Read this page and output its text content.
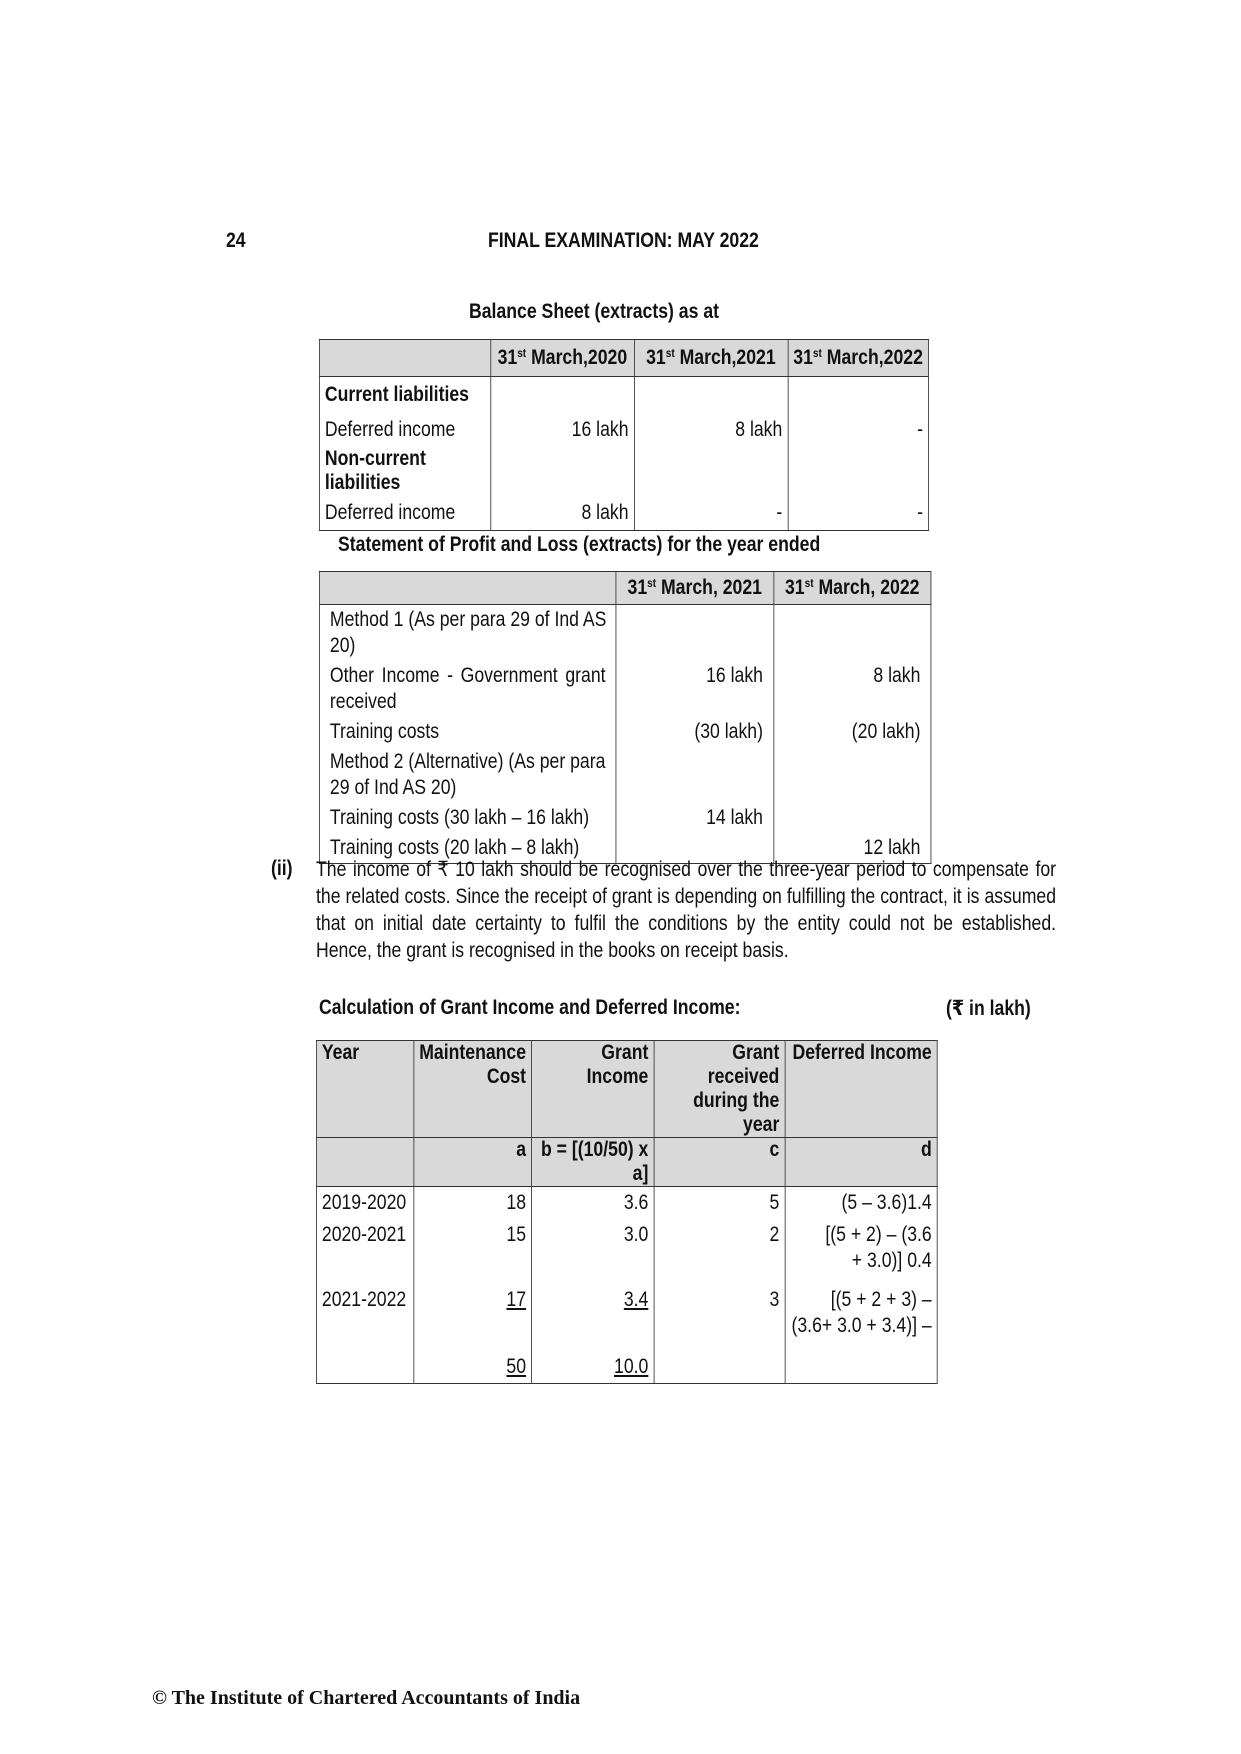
24	FINAL EXAMINATION: MAY 2022
Balance Sheet (extracts) as at
	31st March,2020	31st March,2021	31st March,2022
Current liabilities			
Deferred income	16 lakh	8 lakh	-
Non-current liabilities			
Deferred income	8 lakh	-	-
Statement of Profit and Loss (extracts) for the year ended
	31st March, 2021	31st March, 2022
Method 1 (As per para 29 of Ind AS 20)		
Other Income - Government grant received	16 lakh	8 lakh
Training costs	(30 lakh)	(20 lakh)
Method 2 (Alternative) (As per para 29 of Ind AS 20)		
Training costs (30 lakh – 16 lakh)	14 lakh	
Training costs (20 lakh – 8 lakh)		12 lakh
(ii) The income of ₹ 10 lakh should be recognised over the three-year period to compensate for the related costs. Since the receipt of grant is depending on fulfilling the contract, it is assumed that on initial date certainty to fulfil the conditions by the entity could not be established. Hence, the grant is recognised in the books on receipt basis.
Calculation of Grant Income and Deferred Income:	(₹ in lakh)
Year	Maintenance Cost	Grant Income	Grant received during the year	Deferred Income
	a	b = [(10/50) x a]	c	d
2019-2020	18	3.6	5	(5 – 3.6)1.4
2020-2021	15	3.0	2	[(5 + 2) – (3.6 + 3.0)] 0.4
2021-2022	17	3.4	3	[(5 + 2 + 3) – (3.6+ 3.0 + 3.4)] –
	50	10.0		
© The Institute of Chartered Accountants of India
